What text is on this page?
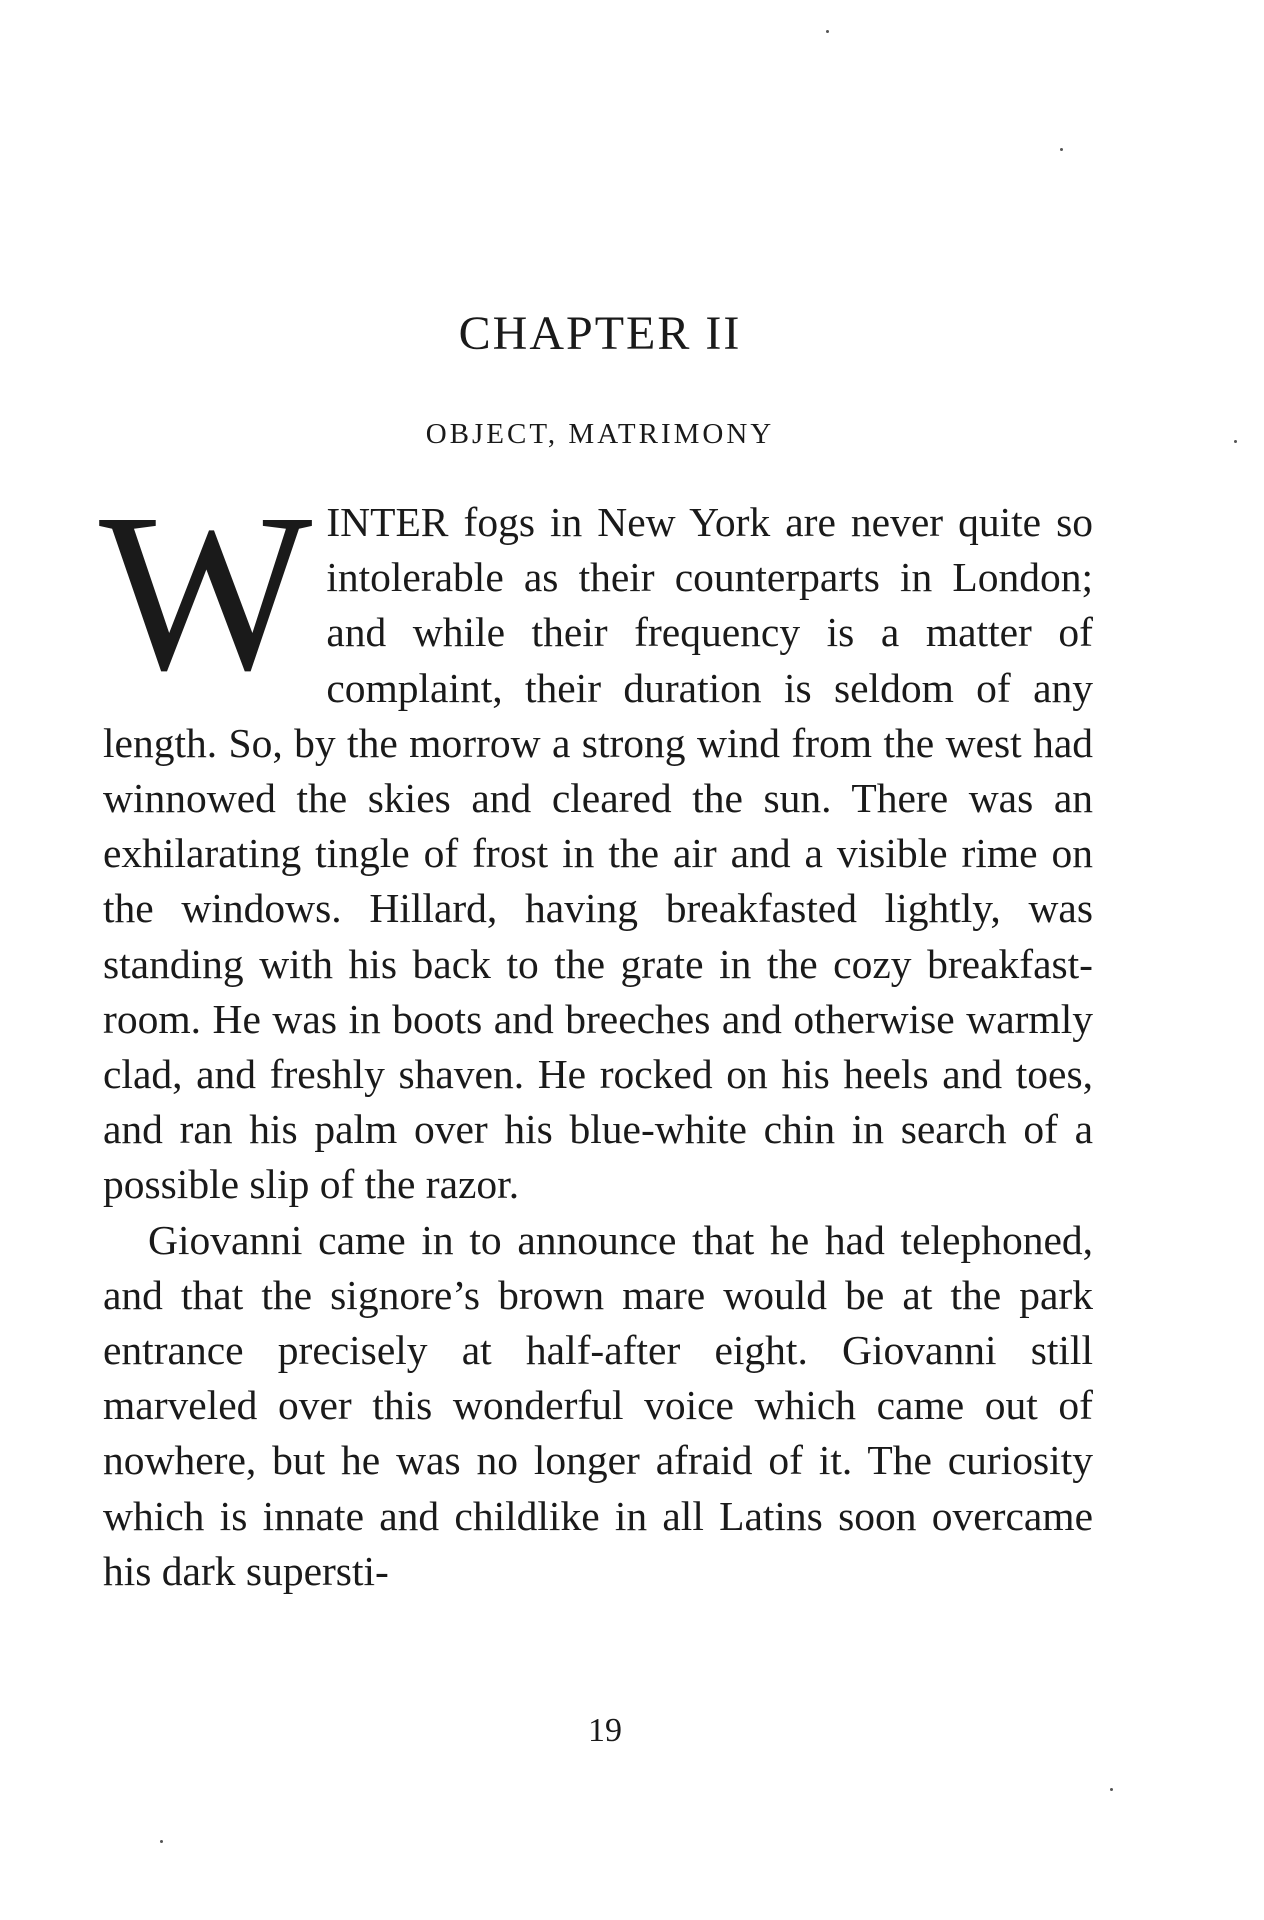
CHAPTER II
OBJECT, MATRIMONY

WINTER fogs in New York are never quite so intolerable as their counterparts in London; and while their frequency is a matter of complaint, their duration is seldom of any length. So, by the morrow a strong wind from the west had winnowed the skies and cleared the sun. There was an exhilarating tingle of frost in the air and a visible rime on the windows. Hillard, having breakfasted lightly, was standing with his back to the grate in the cozy breakfast-room. He was in boots and breeches and otherwise warmly clad, and freshly shaven. He rocked on his heels and toes, and ran his palm over his blue-white chin in search of a possible slip of the razor.

Giovanni came in to announce that he had telephoned, and that the signore’s brown mare would be at the park entrance precisely at half-after eight. Giovanni still marveled over this wonderful voice which came out of nowhere, but he was no longer afraid of it. The curiosity which is innate and childlike in all Latins soon overcame his dark supersti-

19
